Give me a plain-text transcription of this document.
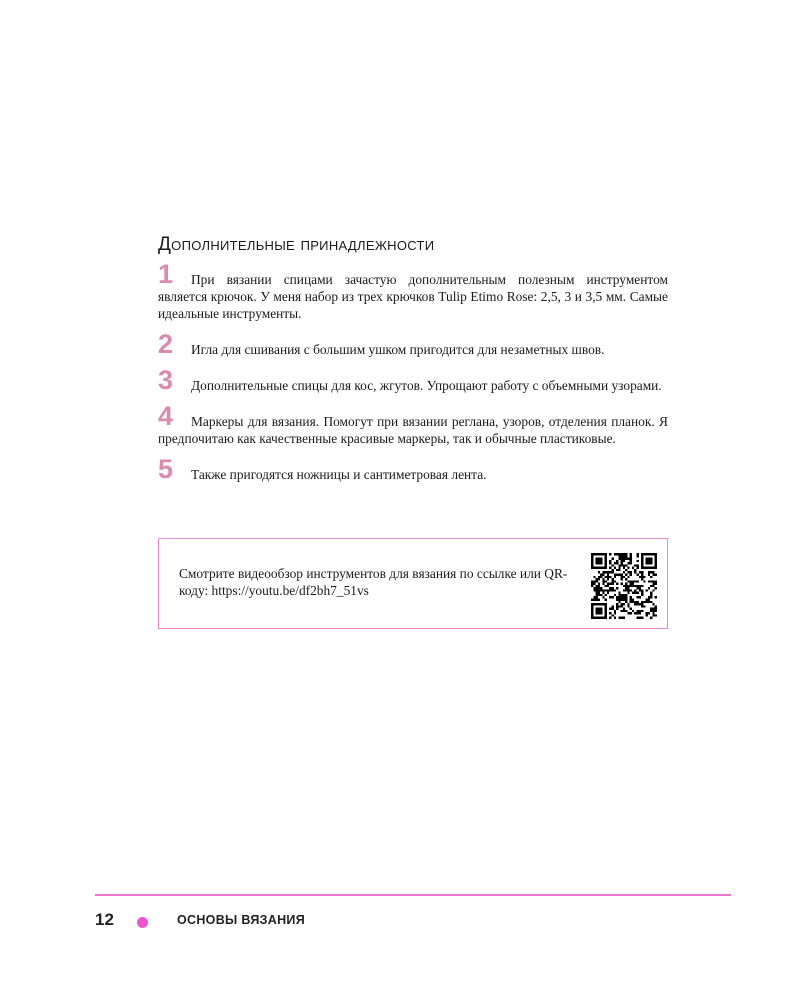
Дополнительные принадлежности
1 При вязании спицами зачастую дополнительным полезным инструментом является крючок. У меня набор из трех крючков Tulip Etimo Rose: 2,5, 3 и 3,5 мм. Самые идеальные инструменты.
2 Игла для сшивания с большим ушком пригодится для незаметных швов.
3 Дополнительные спицы для кос, жгутов. Упрощают работу с объемными узорами.
4 Маркеры для вязания. Помогут при вязании реглана, узоров, отделения планок. Я предпочитаю как качественные красивые маркеры, так и обычные пластиковые.
5 Также пригодятся ножницы и сантиметровая лента.
Смотрите видеообзор инструментов для вязания по ссылке или QR-коду: https://youtu.be/df2bh7_51vs
12	ОСНОВЫ ВЯЗАНИЯ
